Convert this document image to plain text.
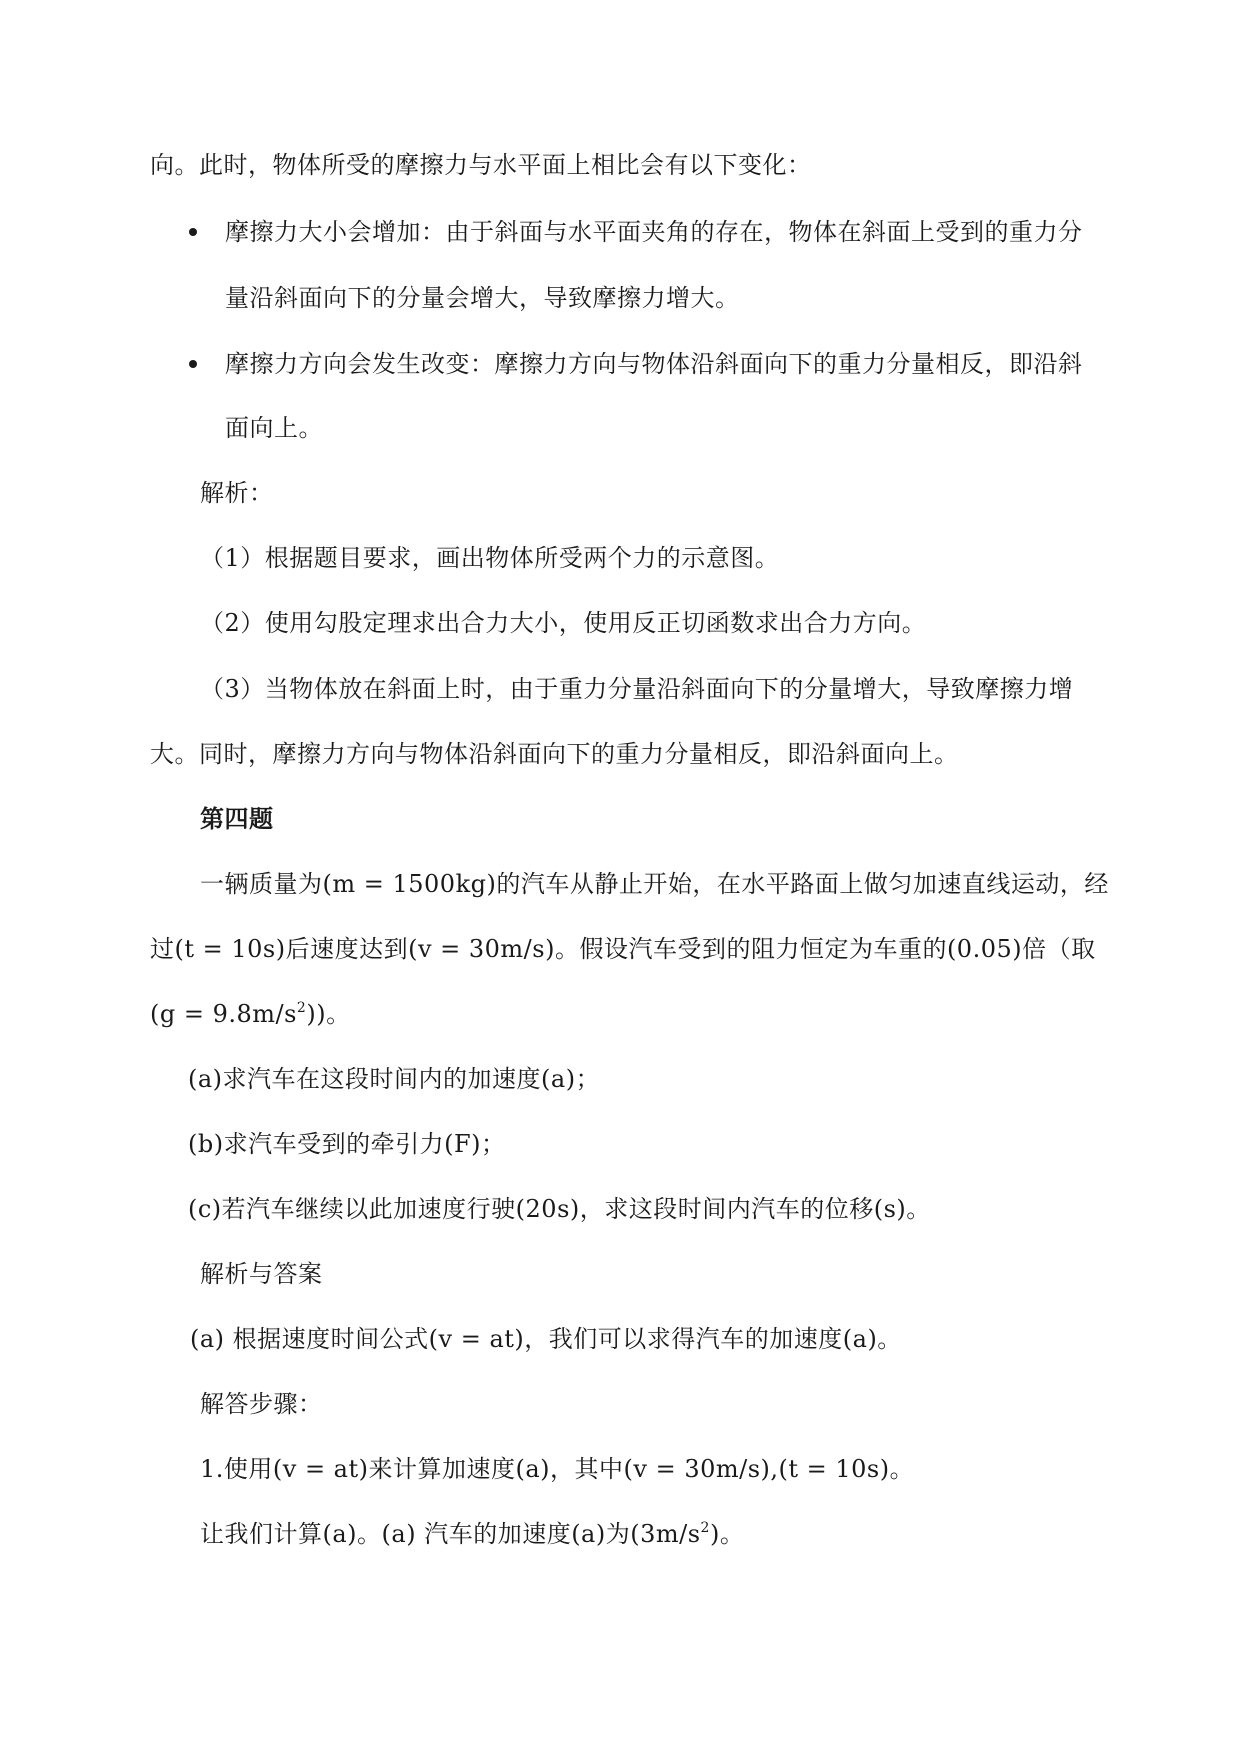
向。此时，物体所受的摩擦力与水平面上相比会有以下变化：
摩擦力大小会增加：由于斜面与水平面夹角的存在，物体在斜面上受到的重力分
量沿斜面向下的分量会增大，导致摩擦力增大。
摩擦力方向会发生改变：摩擦力方向与物体沿斜面向下的重力分量相反，即沿斜
面向上。
解析：
（1）根据题目要求，画出物体所受两个力的示意图。
（2）使用勾股定理求出合力大小，使用反正切函数求出合力方向。
（3）当物体放在斜面上时，由于重力分量沿斜面向下的分量增大，导致摩擦力增
大。同时，摩擦力方向与物体沿斜面向下的重力分量相反，即沿斜面向上。
第四题
一辆质量为(m = 1500kg)的汽车从静止开始，在水平路面上做匀加速直线运动，经
过(t = 10s)后速度达到(v = 30m/s)。假设汽车受到的阻力恒定为车重的(0.05)倍（取
$(g = 9.8m/s^2)$)。
(a)求汽车在这段时间内的加速度(a)；
(b)求汽车受到的牵引力(F)；
(c)若汽车继续以此加速度行驶(20s)，求这段时间内汽车的位移(s)。
解析与答案
(a) 根据速度时间公式(v = at)，我们可以求得汽车的加速度(a)。
解答步骤：
1.使用(v = at)来计算加速度(a)，其中(v = 30m/s),(t = 10s)。
让我们计算(a)。(a) 汽车的加速度(a)为$(3m/s^2)$。
